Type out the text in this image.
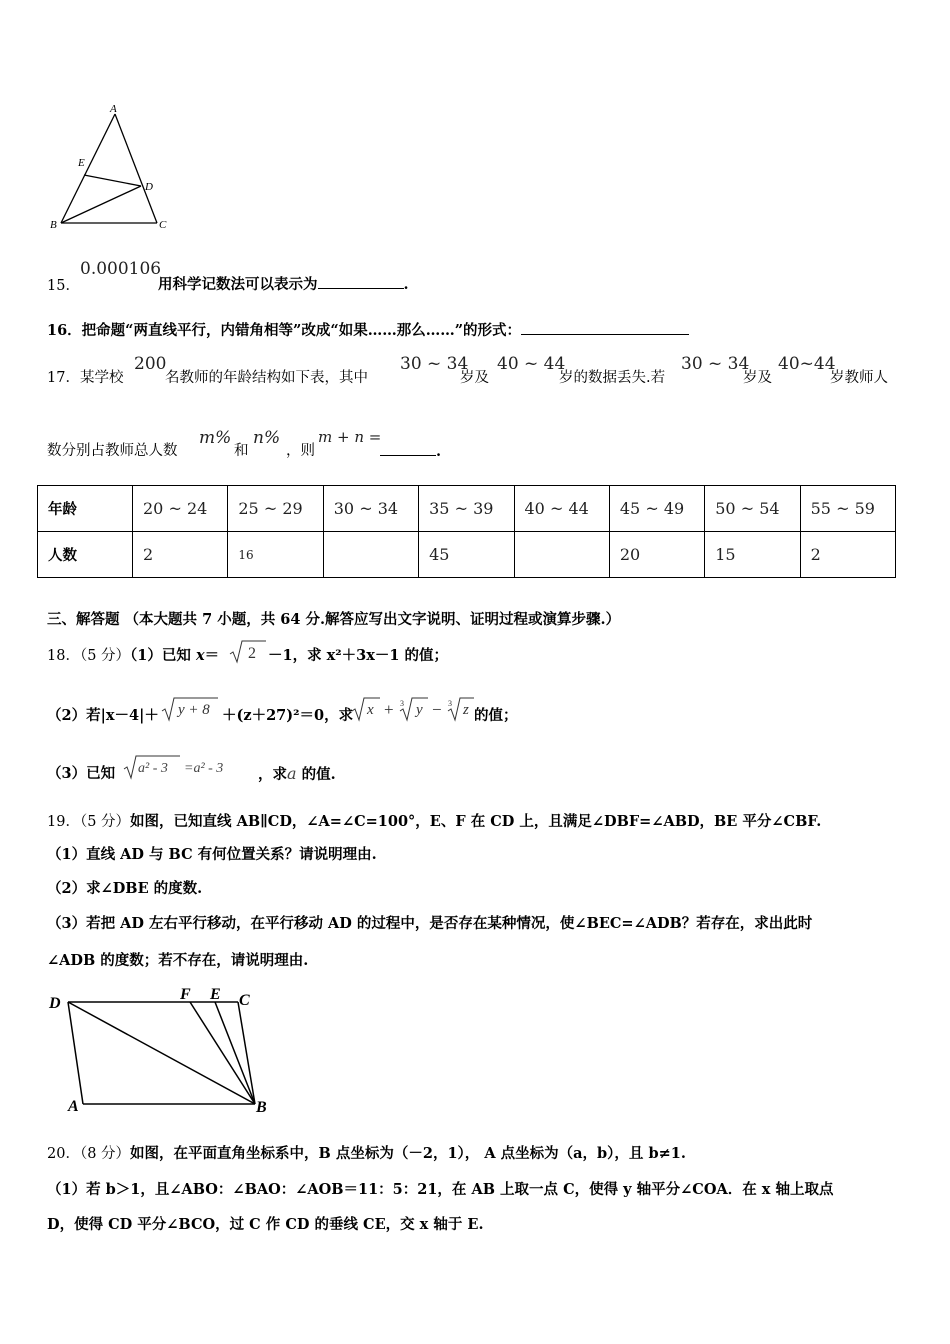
A
E
D
B	C
15．
0.000106
用科学记数法可以表示为	.
16．把命题“两直线平行，内错角相等”改成“如果……那么……”的形式：
17． 某学校
200
名教师的年龄结构如下表，其中
30 ~ 34
岁及
40 ~ 44
岁的数据丢失.若
30 ~ 34
岁及
40~44
岁教师人
数分别占教师总人数
m%
和
n%
，则
m + n =
.
年龄	20 ~ 24	25 ~ 29	30 ~ 34	35 ~ 39	40 ~ 44	45 ~ 49	50 ~ 54	55 ~ 59
人数	2	16		45		20	15	2
三、解答题 （本大题共 7 小题，共 64 分.解答应写出文字说明、证明过程或演算步骤.）
18．（5 分）（1）已知 x＝ 2 －1，求 x²＋3x－1 的值；
（2）若|x－4|＋ y + 8 ＋(z＋27)²＝0，求 x + 3 y − 3 z 的值；
（3）已知 a² - 3 =a² - 3 ，求a 的值.
19．（5 分）如图，已知直线 AB∥CD，∠A=∠C=100°，E、F 在 CD 上，且满足∠DBF=∠ABD，BE 平分∠CBF.
（1）直线 AD 与 BC 有何位置关系？请说明理由.
（2）求∠DBE 的度数.
（3）若把 AD 左右平行移动，在平行移动 AD 的过程中，是否存在某种情况，使∠BEC=∠ADB？若存在，求出此时
∠ADB 的度数；若不存在，请说明理由.
D
F E C
A	B
20．（8 分）如图，在平面直角坐标系中，B 点坐标为（－2，1）， A 点坐标为（a，b），且 b≠1.
（1）若 b＞1，且∠ABO：∠BAO：∠AOB＝11：5：21，在 AB 上取一点 C，使得 y 轴平分∠COA．在 x 轴上取点
D，使得 CD 平分∠BCO，过 C 作 CD 的垂线 CE，交 x 轴于 E.
